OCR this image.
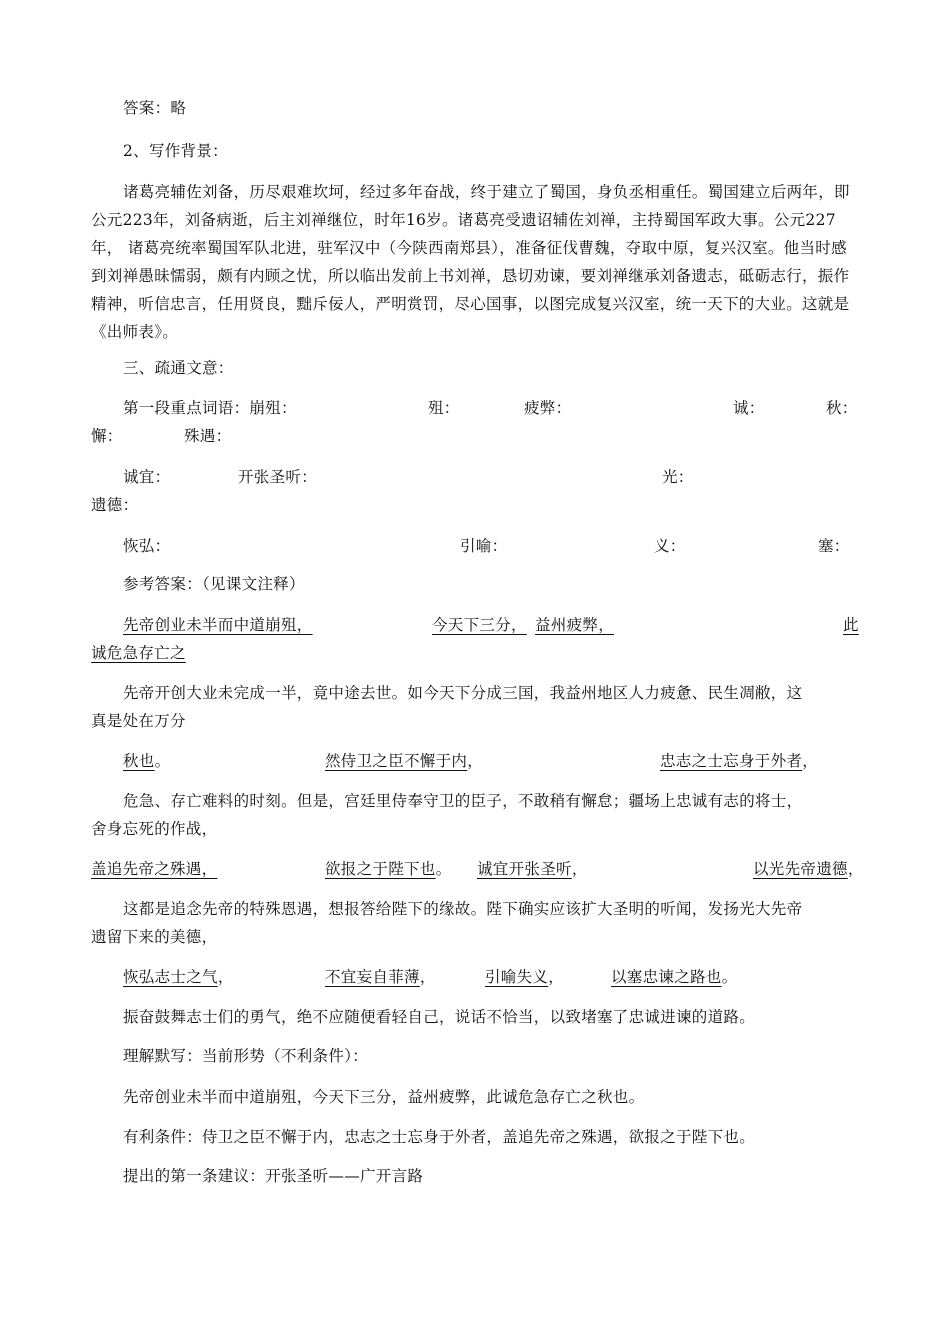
答案：略
2、写作背景：
诸葛亮辅佐刘备，历尽艰难坎坷，经过多年奋战，终于建立了蜀国，身负丞相重任。蜀国建立后两年，即公元223年，刘备病逝，后主刘禅继位，时年16岁。诸葛亮受遗诏辅佐刘禅，主持蜀国军政大事。公元227年， 诸葛亮统率蜀国军队北进，驻军汉中（今陕西南郑县），准备征伐曹魏，夺取中原，复兴汉室。他当时感到刘禅愚昧懦弱，颇有内顾之忧，所以临出发前上书刘禅，恳切劝谏，要刘禅继承刘备遗志，砥砺志行，振作精神，听信忠言，任用贤良，黜斥佞人，严明赏罚，尽心国事，以图完成复兴汉室，统一天下的大业。这就是《出师表》。
三、疏通文意：
第一段重点词语：崩殂：	殂：	疲弊：	诚：	秋：
懈：	殊遇：
诚宜：	开张圣听：	光：
遗德：
恢弘：	引喻：	义：	塞：
参考答案：（见课文注释）
先帝创业未半而中道崩殂，	今天下三分， 益州疲弊，	此
诚危急存亡之
先帝开创大业未完成一半，竟中途去世。如今天下分成三国，我益州地区人力疲惫、民生凋敝，这
真是处在万分
秋也。	然侍卫之臣不懈于内，	忠志之士忘身于外者，
危急、存亡难料的时刻。但是，宫廷里侍奉守卫的臣子，不敢稍有懈怠；疆场上忠诚有志的将士，
舍身忘死的作战，
盖追先帝之殊遇，	欲报之于陛下也。 诚宜开张圣听，	以光先帝遗德，
这都是追念先帝的特殊恩遇，想报答给陛下的缘故。陛下确实应该扩大圣明的听闻，发扬光大先帝
遗留下来的美德，
恢弘志士之气，	不宜妄自菲薄，	引喻失义，	以塞忠谏之路也。
振奋鼓舞志士们的勇气，绝不应随便看轻自己，说话不恰当，以致堵塞了忠诚进谏的道路。
理解默写：当前形势（不利条件）：
先帝创业未半而中道崩殂，今天下三分，益州疲弊，此诚危急存亡之秋也。
有利条件：侍卫之臣不懈于内，忠志之士忘身于外者，盖追先帝之殊遇，欲报之于陛下也。
提出的第一条建议：开张圣听——广开言路
